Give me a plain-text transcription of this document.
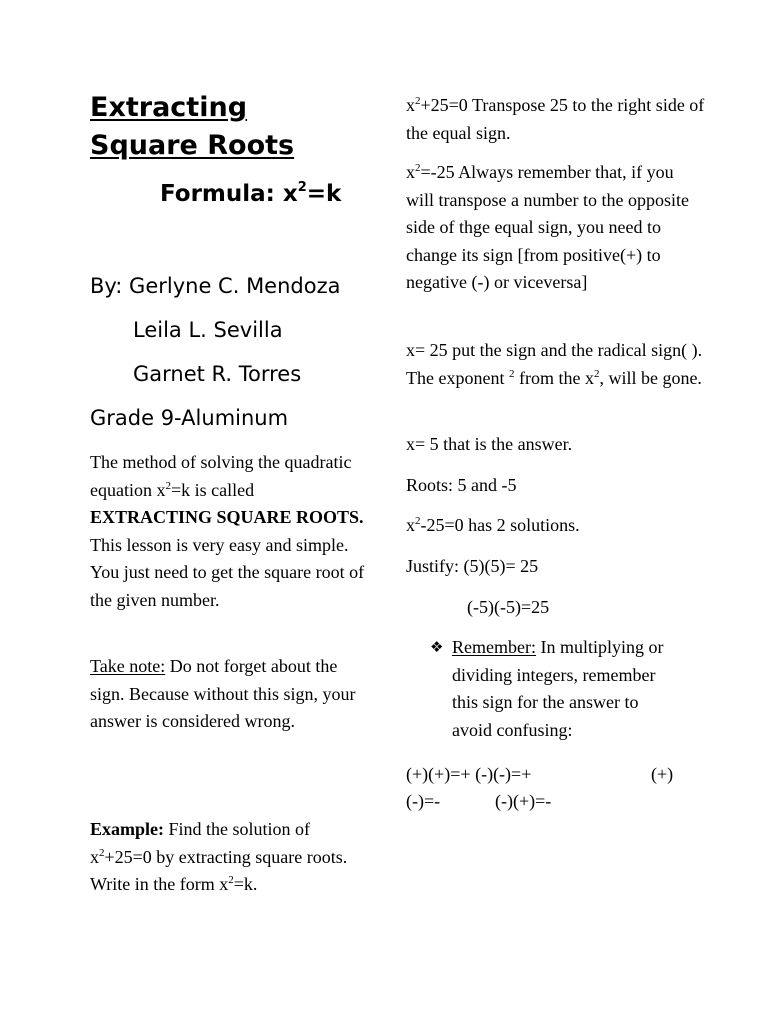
Extracting
Square Roots
Formula: $x^2=k$
By: Gerlyne C. Mendoza
Leila L. Sevilla
Garnet R. Torres
Grade 9-Aluminum

The method of solving the quadratic equation $x^2=k$ is called EXTRACTING SQUARE ROOTS. This lesson is very easy and simple. You just need to get the square root of the given number.

Take note: Do not forget about the sign. Because without this sign, your answer is considered wrong.

Example: Find the solution of $x^2+25=0$ by extracting square roots. Write in the form $x^2=k$.

$x^2+25=0$ Transpose 25 to the right side of the equal sign.

$x^2=-25$ Always remember that, if you will transpose a number to the opposite side of thge equal sign, you need to change its sign [from positive(+) to negative (-) or viceversa]

x= 25 put the sign and the radical sign( ). The exponent $^2$ from the $x^2$, will be gone.

x= 5 that is the answer.

Roots: 5 and -5

$x^2-25=0$ has 2 solutions.

Justify: (5)(5)= 25

(-5)(-5)=25

❖ Remember: In multiplying or dividing integers, remember this sign for the answer to avoid confusing:
(+)(+)=+ (-)(-)=+	(+)
(-)=-	(-)(+)=-
